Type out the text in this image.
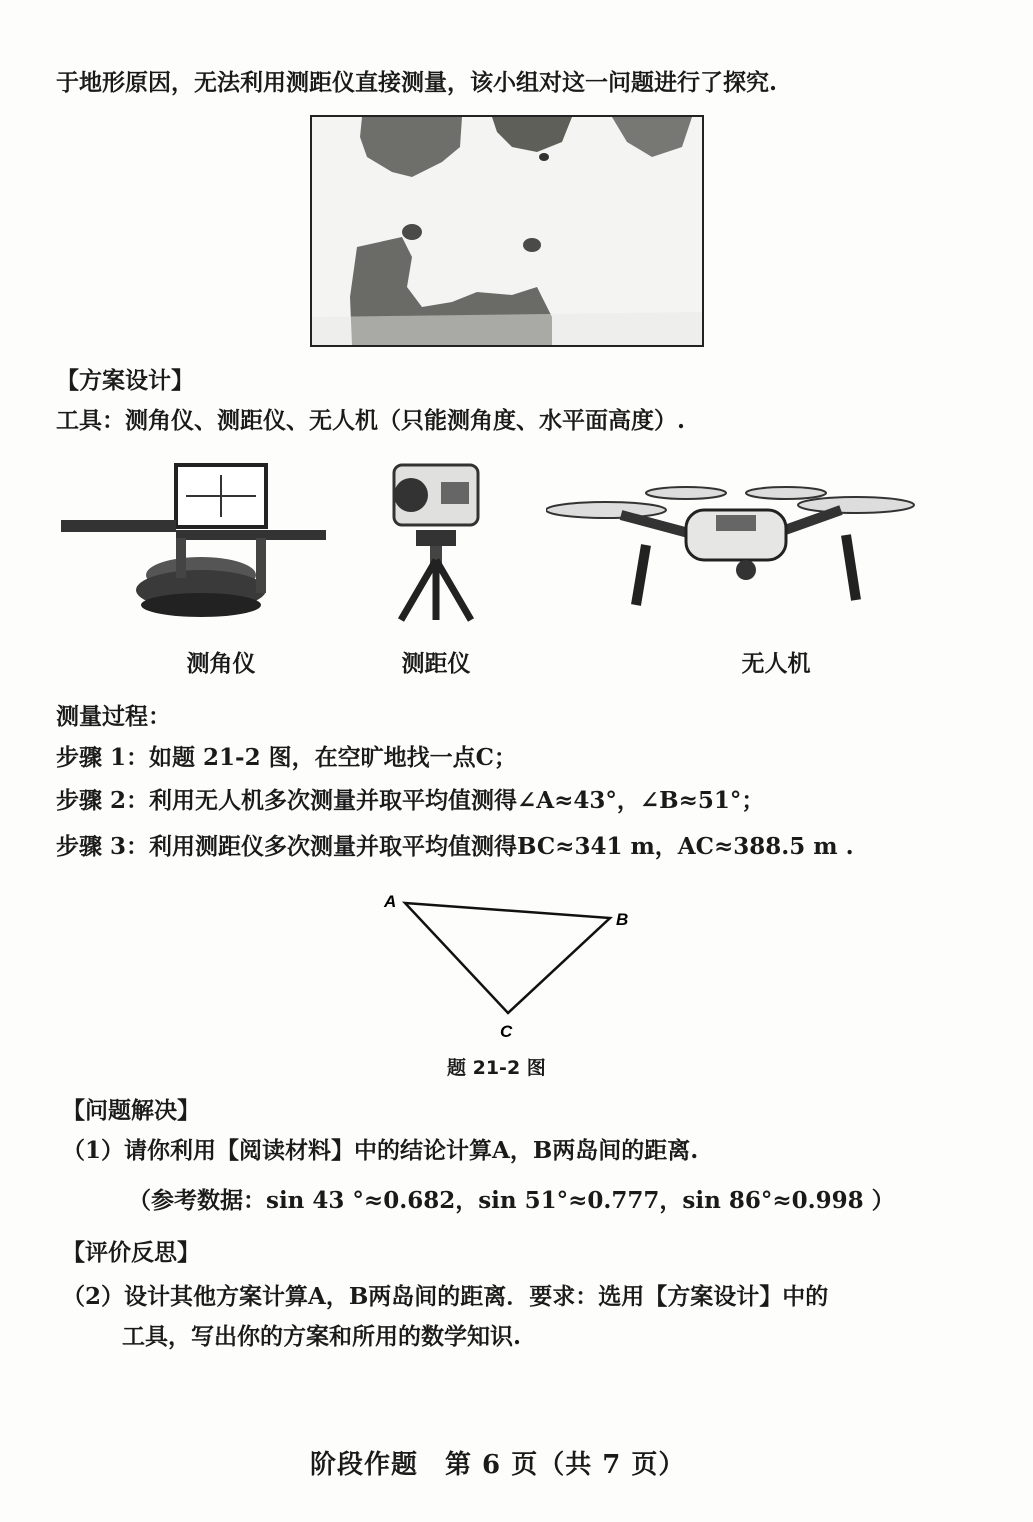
于地形原因，无法利用测距仪直接测量，该小组对这一问题进行了探究.
【方案设计】
工具：测角仪、测距仪、无人机（只能测角度、水平面高度）.
测角仪	测距仪	无人机
测量过程：
步骤 1：如题 21-2 图，在空旷地找一点C；
步骤 2：利用无人机多次测量并取平均值测得∠A≈43°，∠B≈51°；
步骤 3：利用测距仪多次测量并取平均值测得BC≈341 m，AC≈388.5 m .
A
B
C
题 21-2 图
【问题解决】
（1）请你利用【阅读材料】中的结论计算A，B两岛间的距离.
（参考数据：sin 43 °≈0.682，sin 51°≈0.777，sin 86°≈0.998 ）
【评价反思】
（2）设计其他方案计算A，B两岛间的距离．要求：选用【方案设计】中的
工具，写出你的方案和所用的数学知识.
阶段作题　第 6 页（共 7 页）
